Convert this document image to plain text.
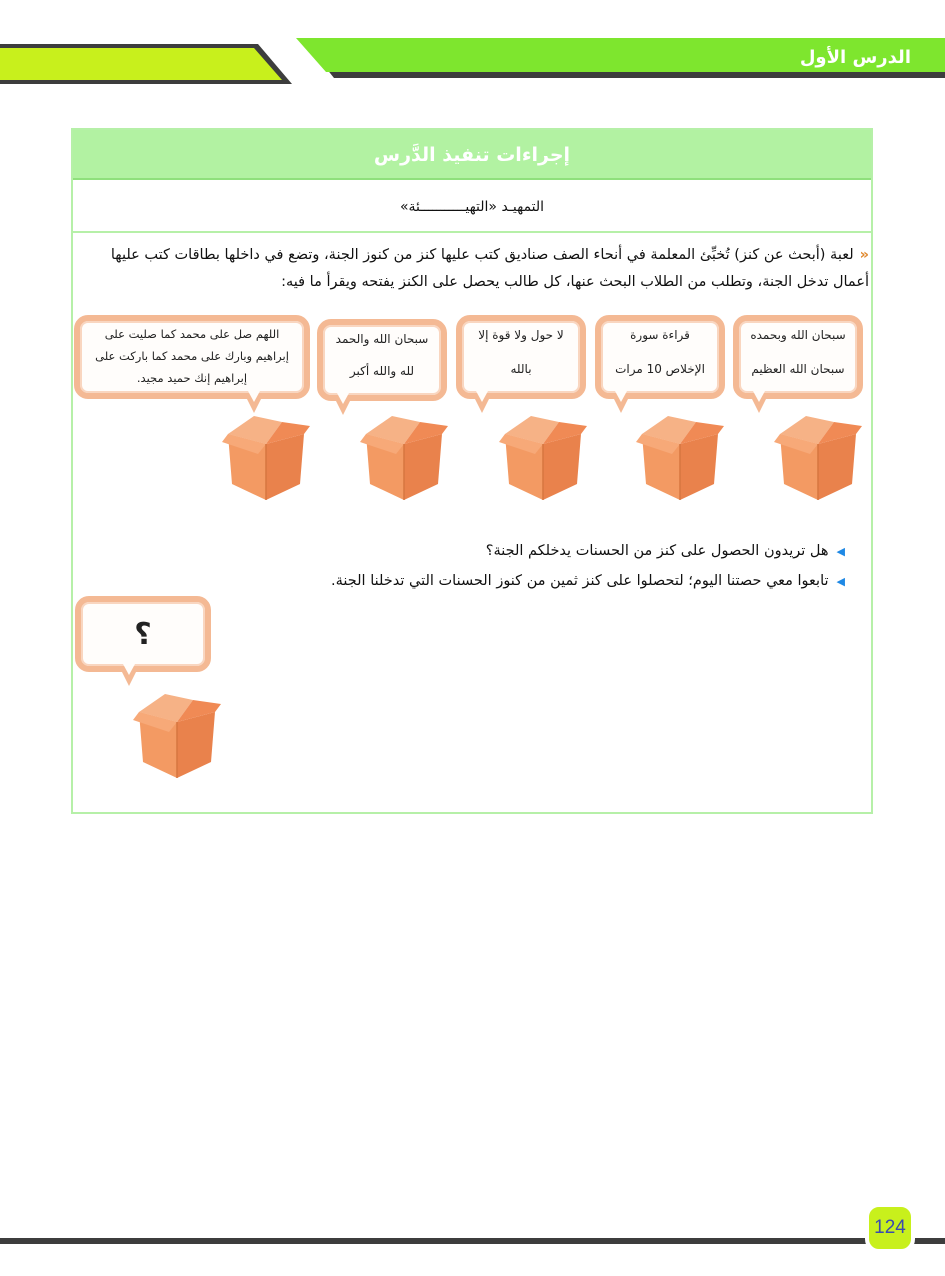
الدرس الأول
إجراءات تنفيذ الدَّرس
التمهيـد «التهيـــــــــــئة»
«لعبة (أبحث عن كنز) تُخبِّئ المعلمة في أنحاء الصف صناديق كتب عليها كنز من كنوز الجنة، وتضع في داخلها بطاقات كتب عليها أعمال تدخل الجنة، وتطلب من الطلاب البحث عنها، كل طالب يحصل على الكنز يفتحه ويقرأ ما فيه:
سبحان الله وبحمده
سبحان الله العظيم
قراءة سورة
الإخلاص 10 مرات
لا حول ولا قوة إلا
بالله
سبحان الله والحمد
لله والله أكبر
اللهم صل على محمد كما صليت على
إبراهيم وبارك على محمد كما باركت على
إبراهيم إنك حميد مجيد.
◀هل تريدون الحصول على كنز من الحسنات يدخلكم الجنة؟
◀تابعوا معي حصتنا اليوم؛ لتحصلوا على كنز ثمين من كنوز الحسنات التي تدخلنا الجنة.
؟
124
